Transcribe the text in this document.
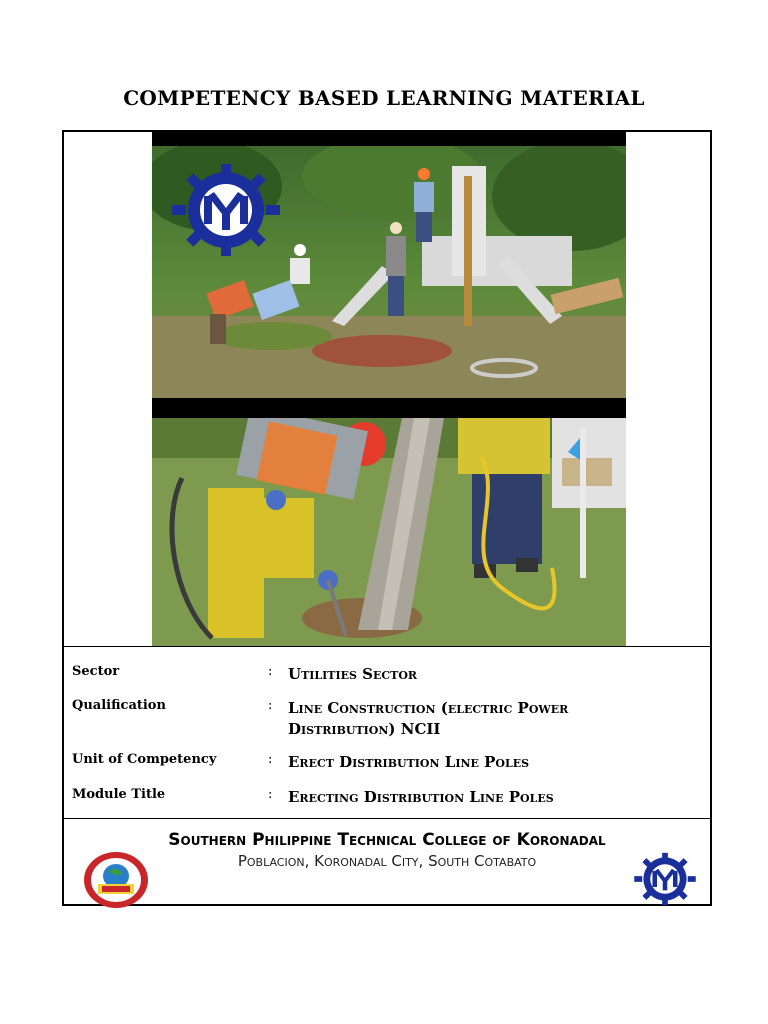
COMPETENCY BASED LEARNING MATERIAL
Sector	: Utilities Sector
Qualification	: Line Construction (electric Power Distribution) NCII
Unit of Competency	: Erect Distribution Line Poles
Module Title	: Erecting Distribution Line Poles
Southern Philippine Technical College of Koronadal
Poblacion, Koronadal City, South Cotabato
